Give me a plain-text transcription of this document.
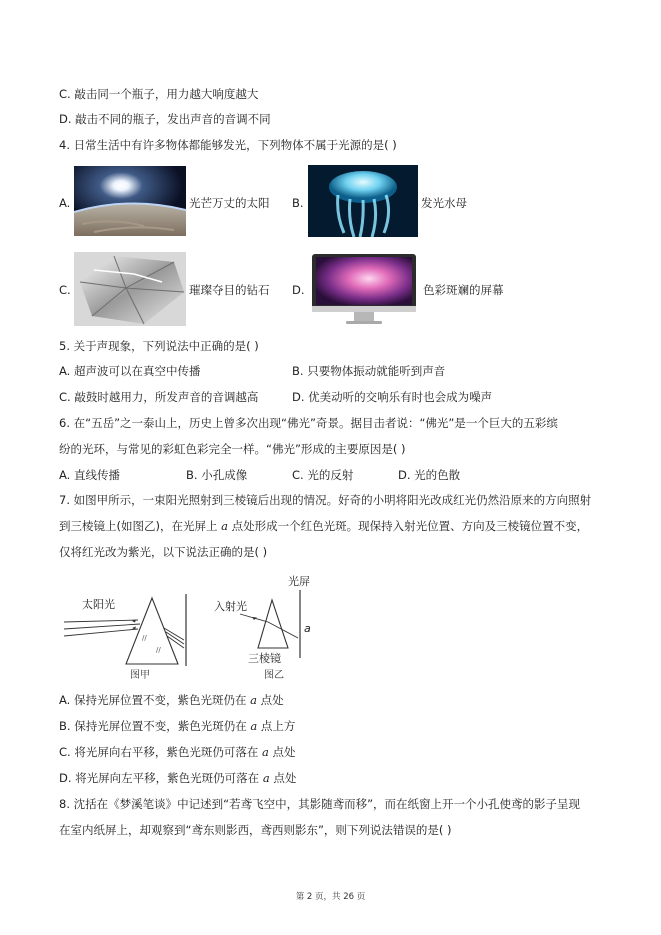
C. 敲击同一个瓶子，用力越大响度越大
D. 敲击不同的瓶子，发出声音的音调不同
4. 日常生活中有许多物体都能够发光，下列物体不属于光源的是( )
A.	光芒万丈的太阳 B.	发光水母
C.	璀璨夺目的钻石 D.	色彩斑斓的屏幕
5. 关于声现象，下列说法中正确的是( )
A. 超声波可以在真空中传播	B. 只要物体振动就能听到声音
C. 敲鼓时越用力，所发声音的音调越高	D. 优美动听的交响乐有时也会成为噪声
6. 在“五岳”之一泰山上，历史上曾多次出现“佛光”奇景。据目击者说：“佛光”是一个巨大的五彩缤
纷的光环，与常见的彩虹色彩完全一样。“佛光”形成的主要原因是( )
A. 直线传播	B. 小孔成像	C. 光的反射	D. 光的色散
7. 如图甲所示，一束阳光照射到三棱镜后出现的情况。好奇的小明将阳光改成红光仍然沿原来的方向照射
到三棱镜上(如图乙)，在光屏上 a 点处形成一个红色光斑。现保持入射光位置、方向及三棱镜位置不变，
仅将红光改为紫光，以下说法正确的是( )
太阳光
//
//
图甲
光屏
入射光
a
三棱镜
图乙
A. 保持光屏位置不变，紫色光斑仍在 a 点处
B. 保持光屏位置不变，紫色光斑仍在 a 点上方
C. 将光屏向右平移，紫色光斑仍可落在 a 点处
D. 将光屏向左平移，紫色光斑仍可落在 a 点处
8. 沈括在《梦溪笔谈》中记述到“若鸢飞空中，其影随鸢而移”，而在纸窗上开一个小孔使鸢的影子呈现
在室内纸屏上，却观察到“鸢东则影西，鸢西则影东”，则下列说法错误的是( )
第 2 页，共 26 页
